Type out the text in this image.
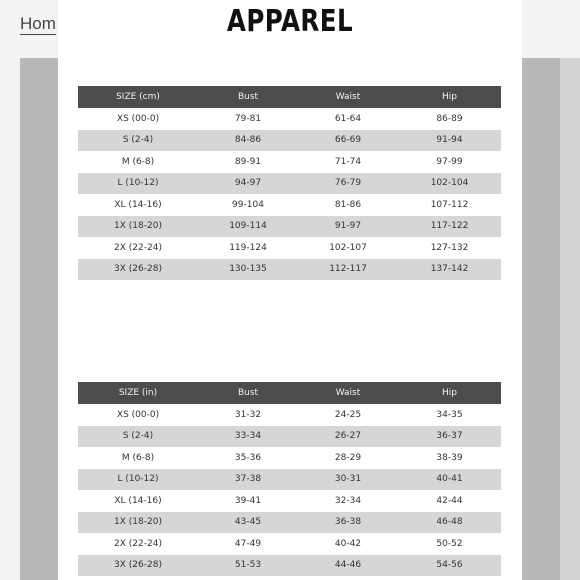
Hom	APPAREL
SIZE (cm)	Bust	Waist	Hip
XS (00-0)	79-81	61-64	86-89
S (2-4)	84-86	66-69	91-94
M (6-8)	89-91	71-74	97-99
L (10-12)	94-97	76-79	102-104
XL (14-16)	99-104	81-86	107-112
1X (18-20)	109-114	91-97	117-122
2X (22-24)	119-124	102-107	127-132
3X (26-28)	130-135	112-117	137-142
SIZE (in)	Bust	Waist	Hip
XS (00-0)	31-32	24-25	34-35
S (2-4)	33-34	26-27	36-37
M (6-8)	35-36	28-29	38-39
L (10-12)	37-38	30-31	40-41
XL (14-16)	39-41	32-34	42-44
1X (18-20)	43-45	36-38	46-48
2X (22-24)	47-49	40-42	50-52
3X (26-28)	51-53	44-46	54-56
